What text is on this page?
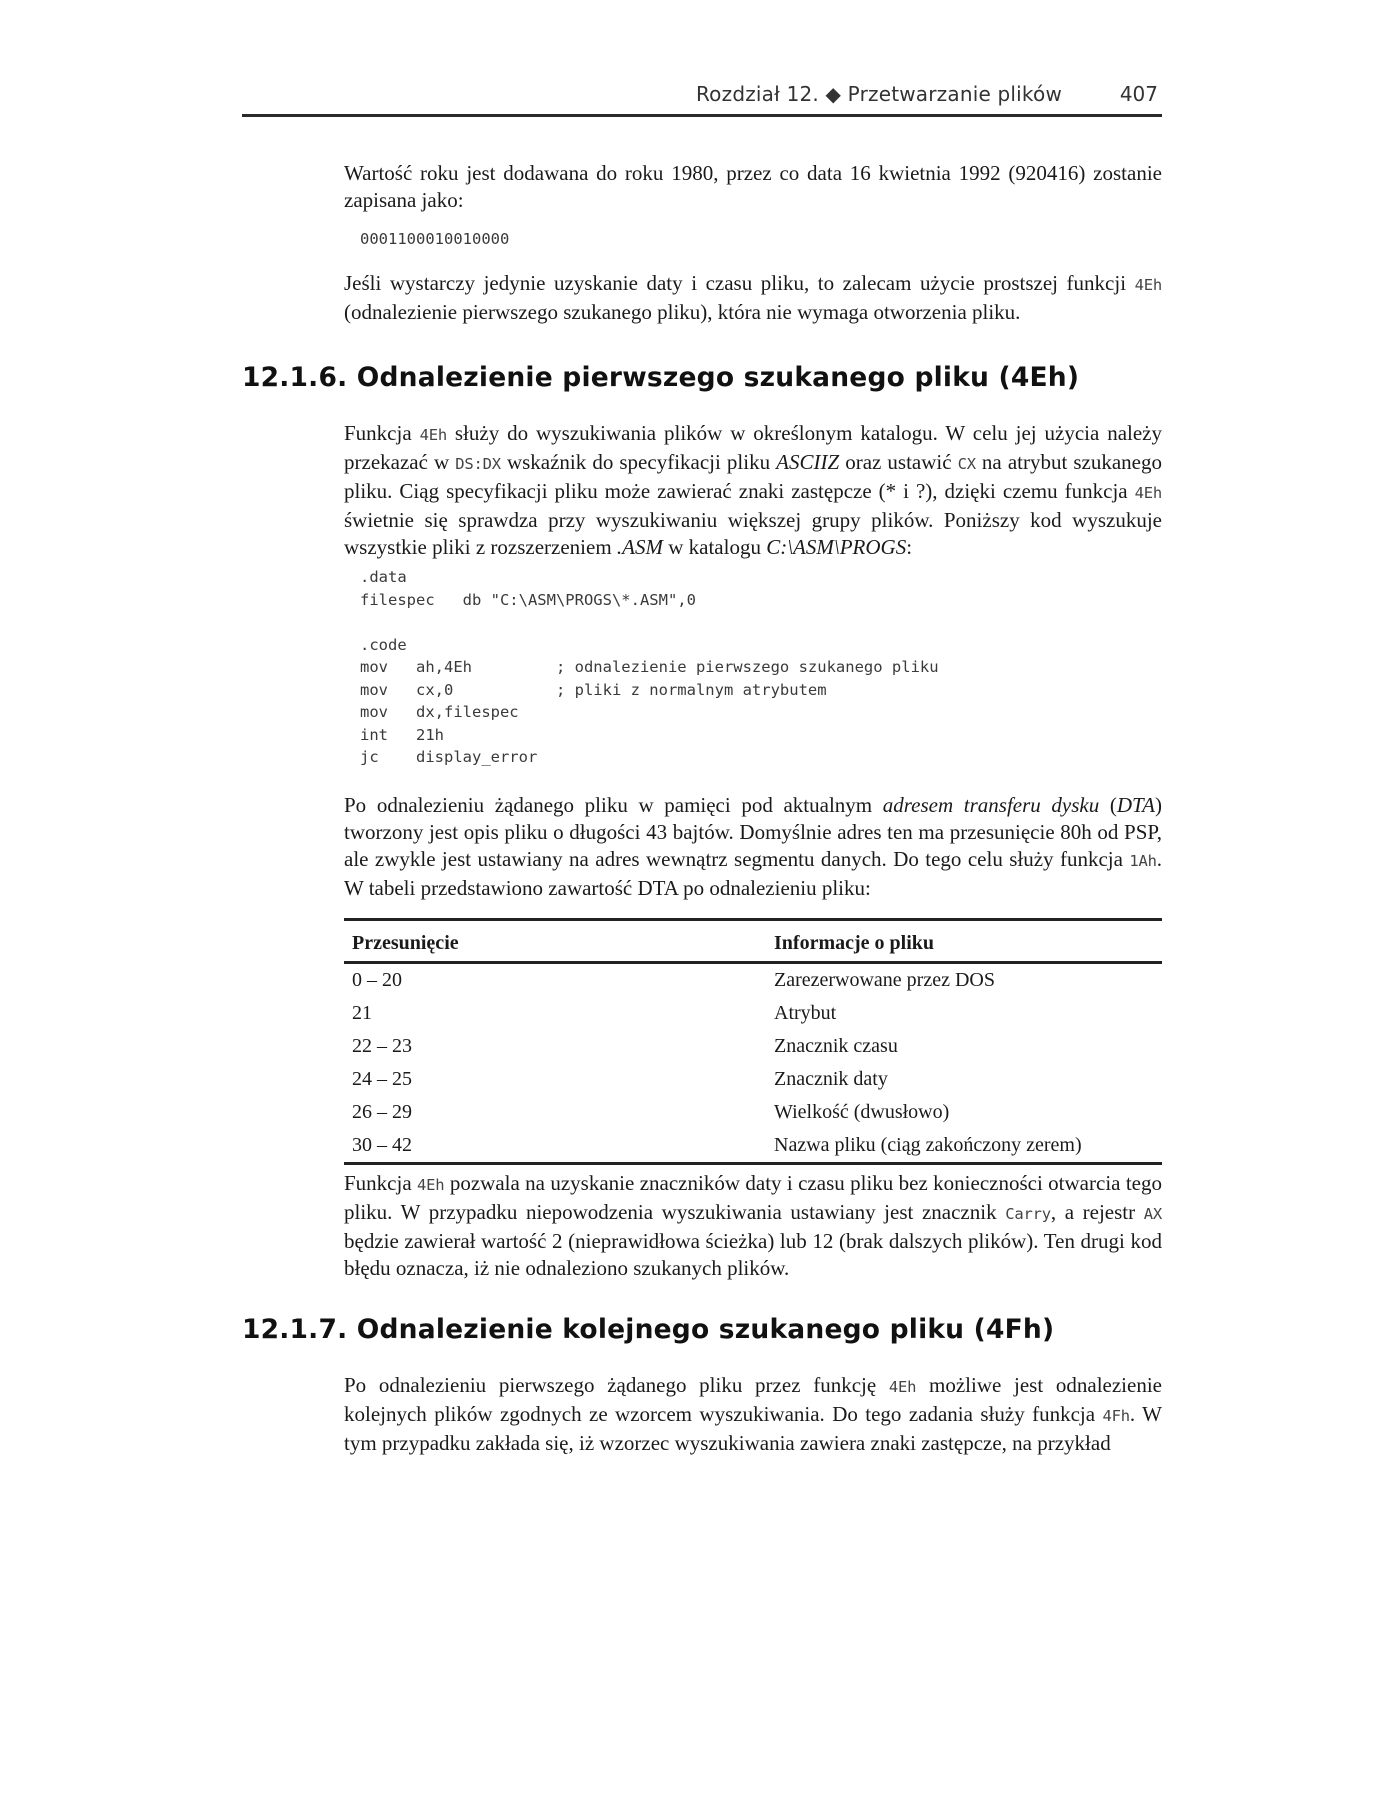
Rozdział 12. ◆ Przetwarzanie plików	407

Wartość roku jest dodawana do roku 1980, przez co data 16 kwietnia 1992 (920416) zostanie zapisana jako:

0001100010010000

Jeśli wystarczy jedynie uzyskanie daty i czasu pliku, to zalecam użycie prostszej funkcji 4Eh (odnalezienie pierwszego szukanego pliku), która nie wymaga otworzenia pliku.

12.1.6. Odnalezienie pierwszego szukanego pliku (4Eh)

Funkcja 4Eh służy do wyszukiwania plików w określonym katalogu. W celu jej użycia należy przekazać w DS:DX wskaźnik do specyfikacji pliku ASCIIZ oraz ustawić CX na atrybut szukanego pliku. Ciąg specyfikacji pliku może zawierać znaki zastępcze (* i ?), dzięki czemu funkcja 4Eh świetnie się sprawdza przy wyszukiwaniu większej grupy plików. Poniższy kod wyszukuje wszystkie pliki z rozszerzeniem .ASM w katalogu C:\ASM\PROGS:

.data
filespec   db "C:\ASM\PROGS\*.ASM",0

.code
mov   ah,4Eh         ; odnalezienie pierwszego szukanego pliku
mov   cx,0           ; pliki z normalnym atrybutem
mov   dx,filespec
int   21h
jc    display_error

Po odnalezieniu żądanego pliku w pamięci pod aktualnym adresem transferu dysku (DTA) tworzony jest opis pliku o długości 43 bajtów. Domyślnie adres ten ma przesunięcie 80h od PSP, ale zwykle jest ustawiany na adres wewnątrz segmentu danych. Do tego celu służy funkcja 1Ah. W tabeli przedstawiono zawartość DTA po odnalezieniu pliku:

Przesunięcie	Informacje o pliku
0 – 20	Zarezerwowane przez DOS
21	Atrybut
22 – 23	Znacznik czasu
24 – 25	Znacznik daty
26 – 29	Wielkość (dwusłowo)
30 – 42	Nazwa pliku (ciąg zakończony zerem)

Funkcja 4Eh pozwala na uzyskanie znaczników daty i czasu pliku bez konieczności otwarcia tego pliku. W przypadku niepowodzenia wyszukiwania ustawiany jest znacznik Carry, a rejestr AX będzie zawierał wartość 2 (nieprawidłowa ścieżka) lub 12 (brak dalszych plików). Ten drugi kod błędu oznacza, iż nie odnaleziono szukanych plików.

12.1.7. Odnalezienie kolejnego szukanego pliku (4Fh)

Po odnalezieniu pierwszego żądanego pliku przez funkcję 4Eh możliwe jest odnalezienie kolejnych plików zgodnych ze wzorcem wyszukiwania. Do tego zadania służy funkcja 4Fh. W tym przypadku zakłada się, iż wzorzec wyszukiwania zawiera znaki zastępcze, na przykład
